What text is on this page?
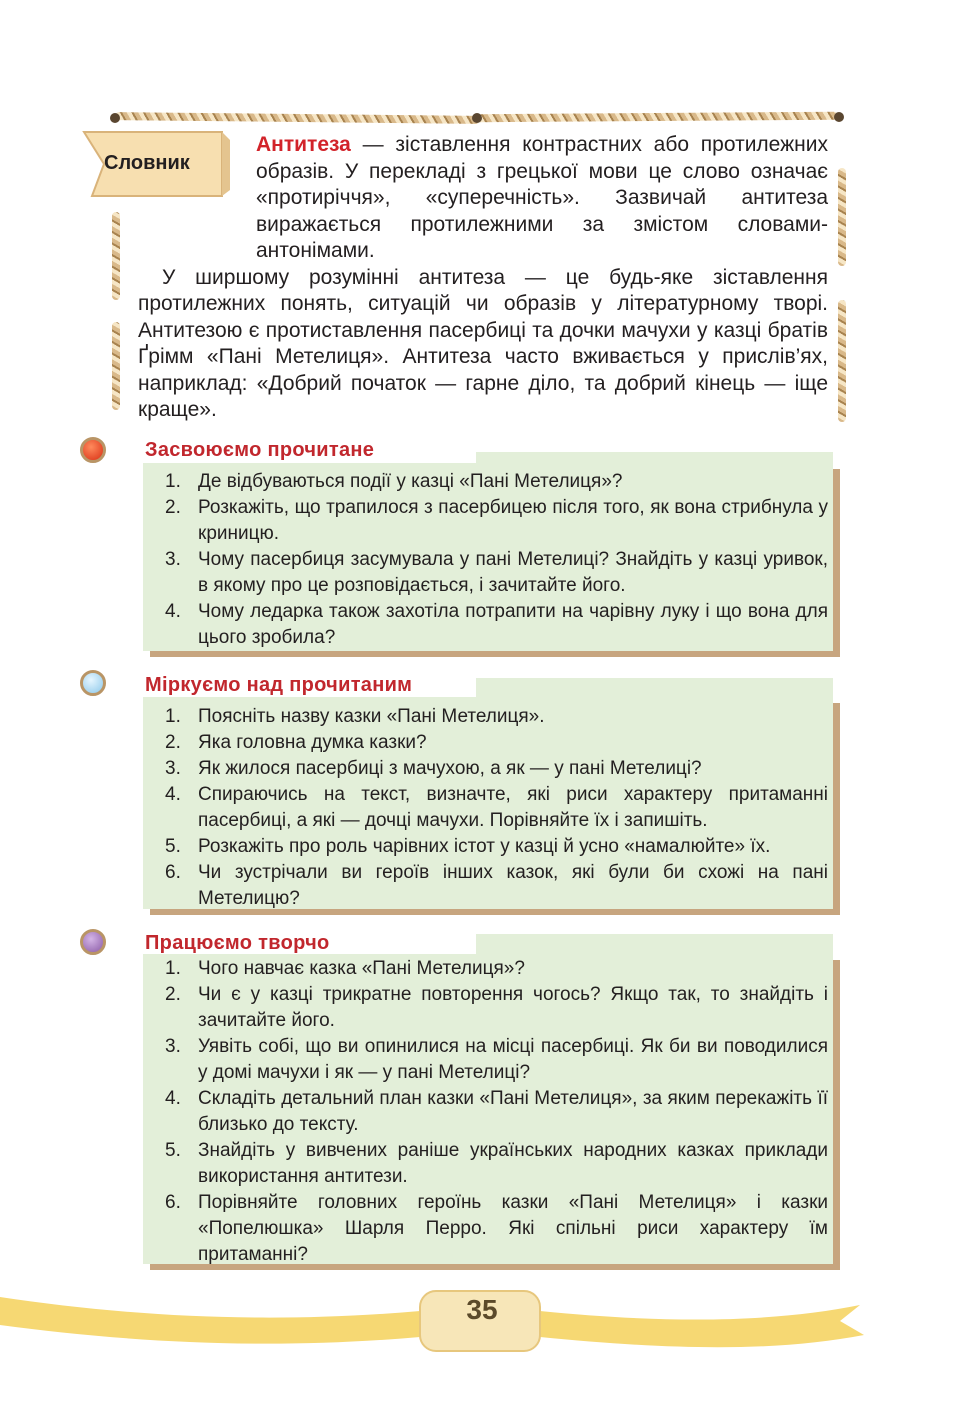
Словник

Антитеза — зіставлення контрастних або протилежних образів. У перекладі з грецької мови це слово означає «протиріччя», «суперечність». Зазвичай антитеза виражається протилежними за змістом словами-антонімами.

У ширшому розумінні антитеза — це будь-яке зіставлення протилежних понять, ситуацій чи образів у літературному творі. Антитезою є протиставлення пасербиці та дочки мачухи у казці братів Ґрімм «Пані Метелиця». Антитеза часто вживається у прислів’ях, наприклад: «Добрий початок — гарне діло, та добрий кінець — іще краще».

Засвоюємо прочитане
1. Де відбуваються події у казці «Пані Метелиця»?
2. Розкажіть, що трапилося з пасербицею після того, як вона стрибнула у криницю.
3. Чому пасербиця засумувала у пані Метелиці? Знайдіть у казці уривок, в якому про це розповідається, і зачитайте його.
4. Чому ледарка також захотіла потрапити на чарівну луку і що вона для цього зробила?
Міркуємо над прочитаним
1. Поясніть назву казки «Пані Метелиця».
2. Яка головна думка казки?
3. Як жилося пасербиці з мачухою, а як — у пані Метелиці?
4. Спираючись на текст, визначте, які риси характеру притаманні пасербиці, а які — дочці мачухи. Порівняйте їх і запишіть.
5. Розкажіть про роль чарівних істот у казці й усно «намалюйте» їх.
6. Чи зустрічали ви героїв інших казок, які були би схожі на пані Метелицю?
Працюємо творчо
1. Чого навчає казка «Пані Метелиця»?
2. Чи є у казці трикратне повторення чогось? Якщо так, то знайдіть і зачитайте його.
3. Уявіть собі, що ви опинилися на місці пасербиці. Як би ви поводилися у домі мачухи і як — у пані Метелиці?
4. Складіть детальний план казки «Пані Метелиця», за яким перекажіть її близько до тексту.
5. Знайдіть у вивчених раніше українських народних казках приклади використання антитези.
6. Порівняйте головних героїнь казки «Пані Метелиця» і казки «Попелюшка» Шарля Перро. Які спільні риси характеру їм притаманні?
35
